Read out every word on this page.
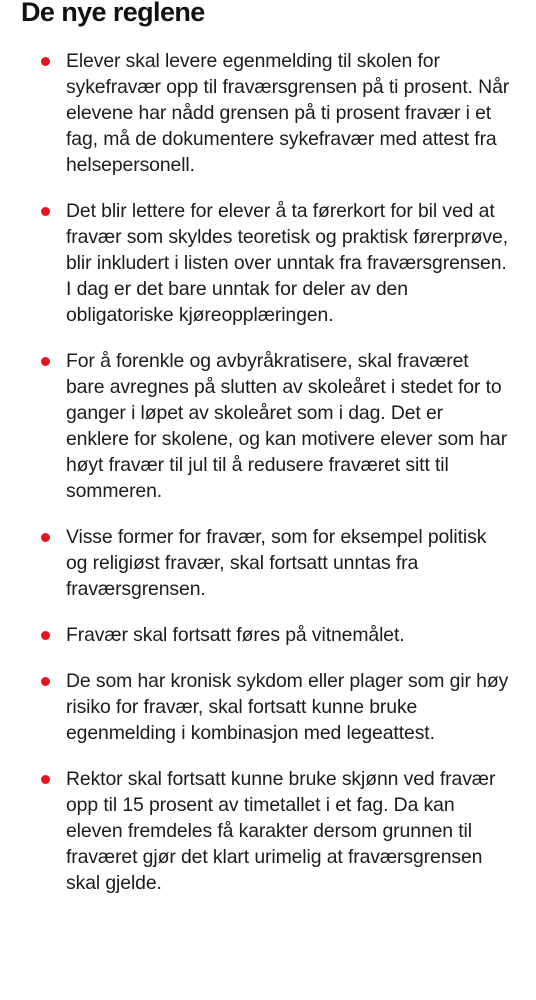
De nye reglene
Elever skal levere egenmelding til skolen for sykefravær opp til fraværsgrensen på ti prosent. Når elevene har nådd grensen på ti prosent fravær i et fag, må de dokumentere sykefravær med attest fra helsepersonell.
Det blir lettere for elever å ta førerkort for bil ved at fravær som skyldes teoretisk og praktisk førerprøve, blir inkludert i listen over unntak fra fraværsgrensen. I dag er det bare unntak for deler av den obligatoriske kjøreopplæringen.
For å forenkle og avbyråkratisere, skal fraværet bare avregnes på slutten av skoleåret i stedet for to ganger i løpet av skoleåret som i dag. Det er enklere for skolene, og kan motivere elever som har høyt fravær til jul til å redusere fraværet sitt til sommeren.
Visse former for fravær, som for eksempel politisk og religiøst fravær, skal fortsatt unntas fra fraværsgrensen.
Fravær skal fortsatt føres på vitnemålet.
De som har kronisk sykdom eller plager som gir høy risiko for fravær, skal fortsatt kunne bruke egenmelding i kombinasjon med legeattest.
Rektor skal fortsatt kunne bruke skjønn ved fravær opp til 15 prosent av timetallet i et fag. Da kan eleven fremdeles få karakter dersom grunnen til fraværet gjør det klart urimelig at fraværsgrensen skal gjelde.
